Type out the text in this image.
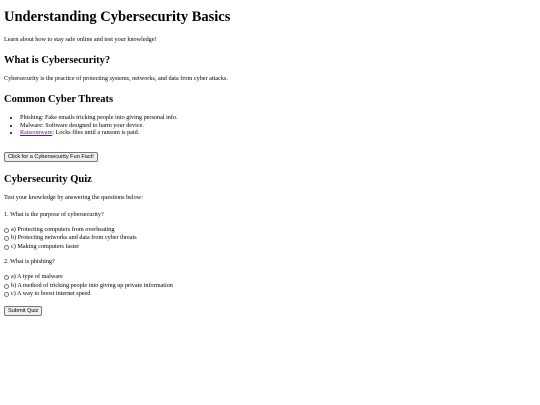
Understanding Cybersecurity Basics

Learn about how to stay safe online and test your knowledge!

What is Cybersecurity?

Cybersecurity is the practice of protecting systems, networks, and data from cyber attacks.

Common Cyber Threats
• Phishing: Fake emails tricking people into giving personal info.
• Malware: Software designed to harm your device.
• Ransomware: Locks files until a ransom is paid.
Click for a Cybersecurity Fun Fact!
Cybersecurity Quiz

Test your knowledge by answering the questions below:

1. What is the purpose of cybersecurity?
a) Protecting computers from overheating
b) Protecting networks and data from cyber threats
c) Making computers faster
2. What is phishing?
a) A type of malware
b) A method of tricking people into giving up private information
c) A way to boost internet speed
Submit Quiz
